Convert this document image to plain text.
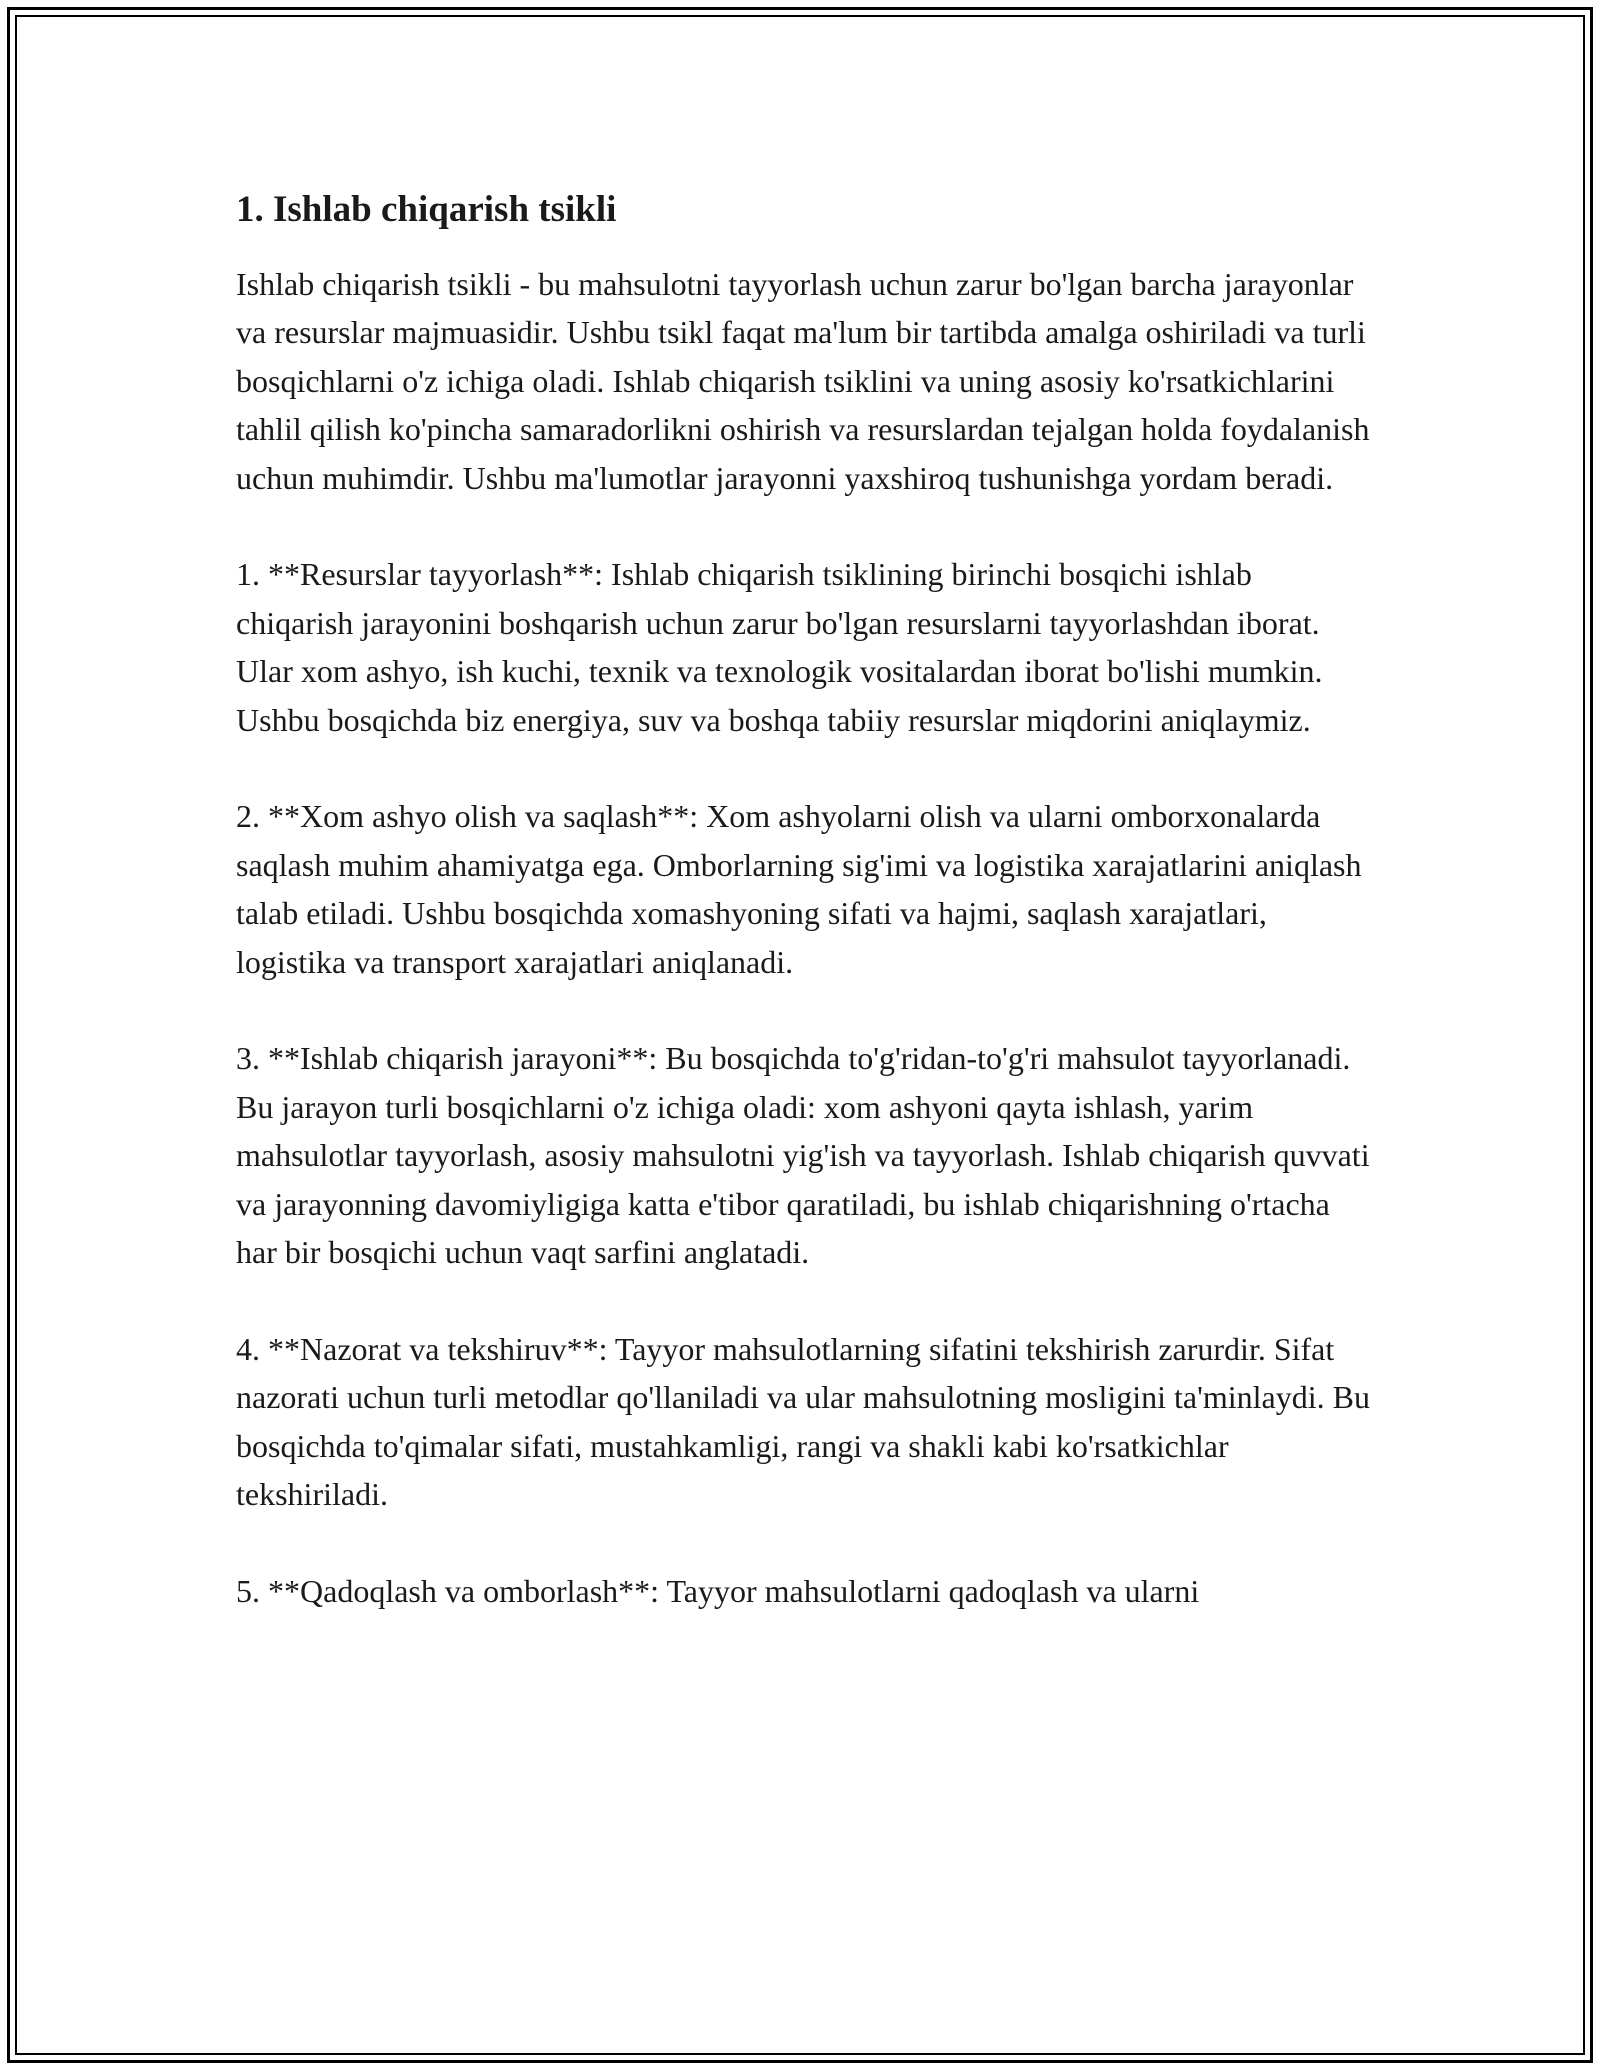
1. Ishlab chiqarish tsikli

Ishlab chiqarish tsikli - bu mahsulotni tayyorlash uchun zarur bo'lgan barcha jarayonlar va resurslar majmuasidir. Ushbu tsikl faqat ma'lum bir tartibda amalga oshiriladi va turli bosqichlarni o'z ichiga oladi. Ishlab chiqarish tsiklini va uning asosiy ko'rsatkichlarini tahlil qilish ko'pincha samaradorlikni oshirish va resurslardan tejalgan holda foydalanish uchun muhimdir. Ushbu ma'lumotlar jarayonni yaxshiroq tushunishga yordam beradi.

1. **Resurslar tayyorlash**: Ishlab chiqarish tsiklining birinchi bosqichi ishlab chiqarish jarayonini boshqarish uchun zarur bo'lgan resurslarni tayyorlashdan iborat. Ular xom ashyo, ish kuchi, texnik va texnologik vositalardan iborat bo'lishi mumkin. Ushbu bosqichda biz energiya, suv va boshqa tabiiy resurslar miqdorini aniqlaymiz.

2. **Xom ashyo olish va saqlash**: Xom ashyolarni olish va ularni omborxonalarda saqlash muhim ahamiyatga ega. Omborlarning sig'imi va logistika xarajatlarini aniqlash talab etiladi. Ushbu bosqichda xomashyoning sifati va hajmi, saqlash xarajatlari, logistika va transport xarajatlari aniqlanadi.

3. **Ishlab chiqarish jarayoni**: Bu bosqichda to'g'ridan-to'g'ri mahsulot tayyorlanadi. Bu jarayon turli bosqichlarni o'z ichiga oladi: xom ashyoni qayta ishlash, yarim mahsulotlar tayyorlash, asosiy mahsulotni yig'ish va tayyorlash. Ishlab chiqarish quvvati va jarayonning davomiyligiga katta e'tibor qaratiladi, bu ishlab chiqarishning o'rtacha har bir bosqichi uchun vaqt sarfini anglatadi.

4. **Nazorat va tekshiruv**: Tayyor mahsulotlarning sifatini tekshirish zarurdir. Sifat nazorati uchun turli metodlar qo'llaniladi va ular mahsulotning mosligini ta'minlaydi. Bu bosqichda to'qimalar sifati, mustahkamligi, rangi va shakli kabi ko'rsatkichlar tekshiriladi.

5. **Qadoqlash va omborlash**: Tayyor mahsulotlarni qadoqlash va ularni
